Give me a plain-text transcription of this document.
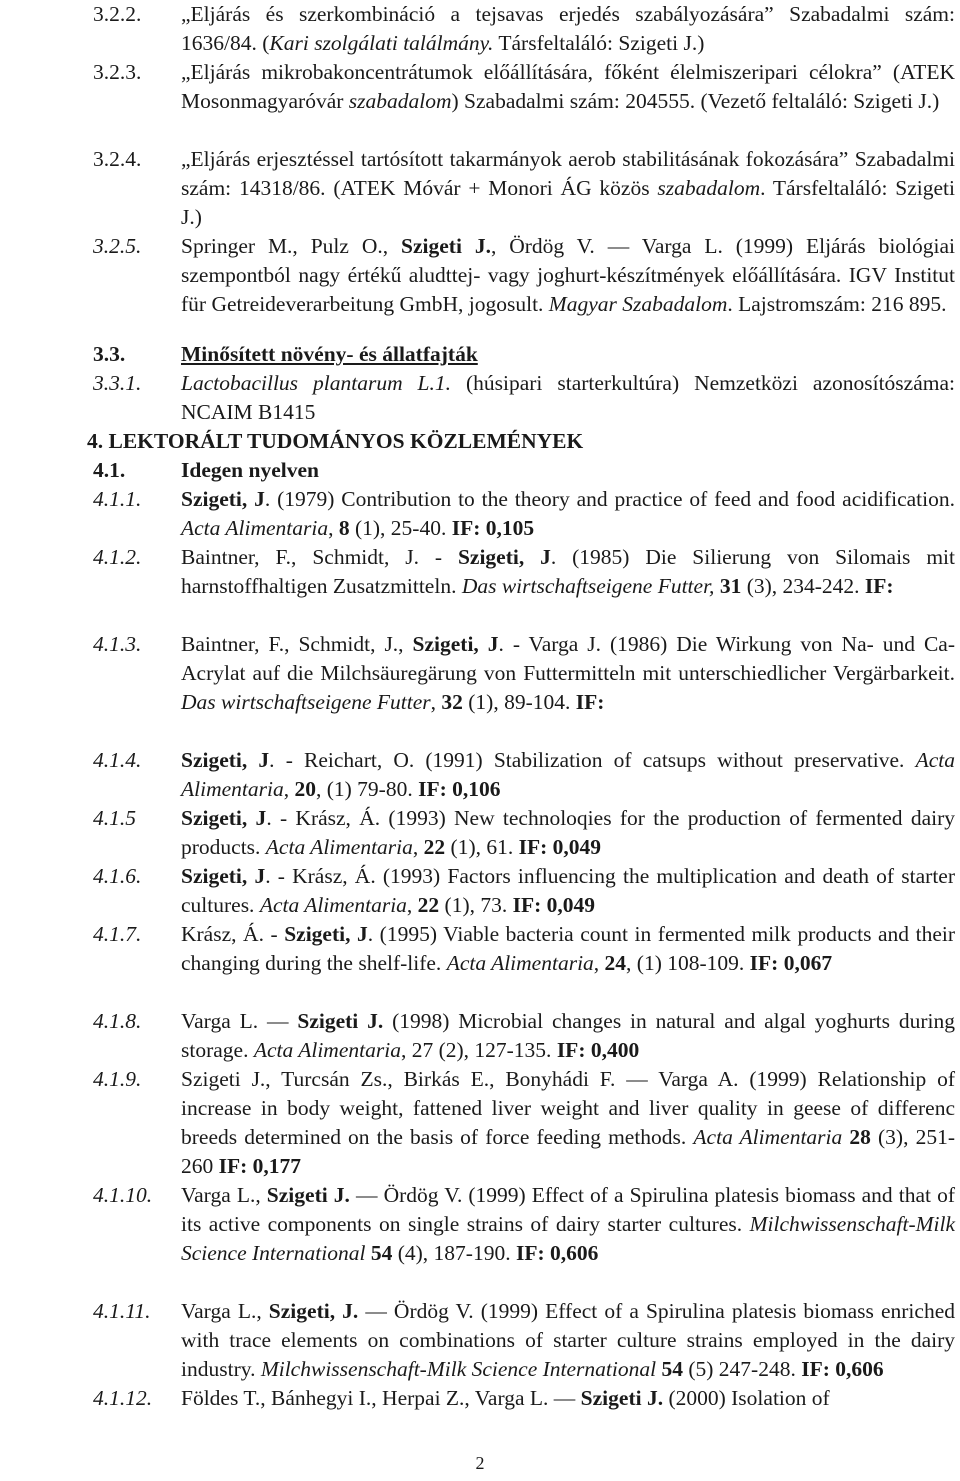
3.2.2. „Eljárás és szerkombináció a tejsavas erjedés szabályozására” Szabadalmi szám: 1636/84. (Kari szolgálati találmány. Társfeltaláló: Szigeti J.)
3.2.3. „Eljárás mikrobakoncentrátumok előállítására, főként élelmiszeripari célokra” (ATEK Mosonmagyaróvár szabadalom) Szabadalmi szám: 204555. (Vezető feltaláló: Szigeti J.)
3.2.4. „Eljárás erjesztéssel tartósított takarmányok aerob stabilitásának fokozására” Szabadalmi szám: 14318/86. (ATEK Móvár + Monori ÁG közös szabadalom. Társfeltaláló: Szigeti J.)
3.2.5. Springer M., Pulz O., Szigeti J., Ördög V. ― Varga L. (1999) Eljárás biológiai szempontból nagy értékű aludttej- vagy joghurt-készítmények előállítására. IGV Institut für Getreideverarbeitung GmbH, jogosult. Magyar Szabadalom. Lajstromszám: 216 895.
3.3.	Minősített növény- és állatfajták
3.3.1. Lactobacillus plantarum L.1. (húsipari starterkultúra) Nemzetközi azonosítószáma: NCAIM B1415
4. LEKTORÁLT TUDOMÁNYOS KÖZLEMÉNYEK
4.1.	Idegen nyelven
4.1.1. Szigeti, J. (1979) Contribution to the theory and practice of feed and food acidification. Acta Alimentaria, 8 (1), 25-40. IF: 0,105
4.1.2. Baintner, F., Schmidt, J. - Szigeti, J. (1985) Die Silierung von Silomais mit harnstoffhaltigen Zusatzmitteln. Das wirtschaftseigene Futter, 31 (3), 234-242. IF:
4.1.3. Baintner, F., Schmidt, J., Szigeti, J. - Varga J. (1986) Die Wirkung von Na- und Ca-Acrylat auf die Milchsäuregärung von Futtermitteln mit unterschiedlicher Vergärbarkeit. Das wirtschaftseigene Futter, 32 (1), 89-104. IF:
4.1.4. Szigeti, J. - Reichart, O. (1991) Stabilization of catsups without preservative. Acta Alimentaria, 20, (1) 79-80. IF: 0,106
4.1.5 Szigeti, J. - Krász, Á. (1993) New technoloqies for the production of fermented dairy products. Acta Alimentaria, 22 (1), 61. IF: 0,049
4.1.6. Szigeti, J. - Krász, Á. (1993) Factors influencing the multiplication and death of starter cultures. Acta Alimentaria, 22 (1), 73. IF: 0,049
4.1.7. Krász, Á. - Szigeti, J. (1995) Viable bacteria count in fermented milk products and their changing during the shelf-life. Acta Alimentaria, 24, (1) 108-109. IF: 0,067
4.1.8. Varga L. ― Szigeti J. (1998) Microbial changes in natural and algal yoghurts during storage. Acta Alimentaria, 27 (2), 127-135. IF: 0,400
4.1.9. Szigeti J., Turcsán Zs., Birkás E., Bonyhádi F. ― Varga A. (1999) Relationship of increase in body weight, fattened liver weight and liver quality in geese of differenc breeds determined on the basis of force feeding methods. Acta Alimentaria 28 (3), 251-260 IF: 0,177
4.1.10. Varga L., Szigeti J. ― Ördög V. (1999) Effect of a Spirulina platesis biomass and that of its active components on single strains of dairy starter cultures. Milchwissenschaft-Milk Science International 54 (4), 187-190. IF: 0,606
4.1.11. Varga L., Szigeti, J. ― Ördög V. (1999) Effect of a Spirulina platesis biomass enriched with trace elements on combinations of starter culture strains employed in the dairy industry. Milchwissenschaft-Milk Science International 54 (5) 247-248. IF: 0,606
4.1.12. Földes T., Bánhegyi I., Herpai Z., Varga L. ― Szigeti J. (2000) Isolation of
2
